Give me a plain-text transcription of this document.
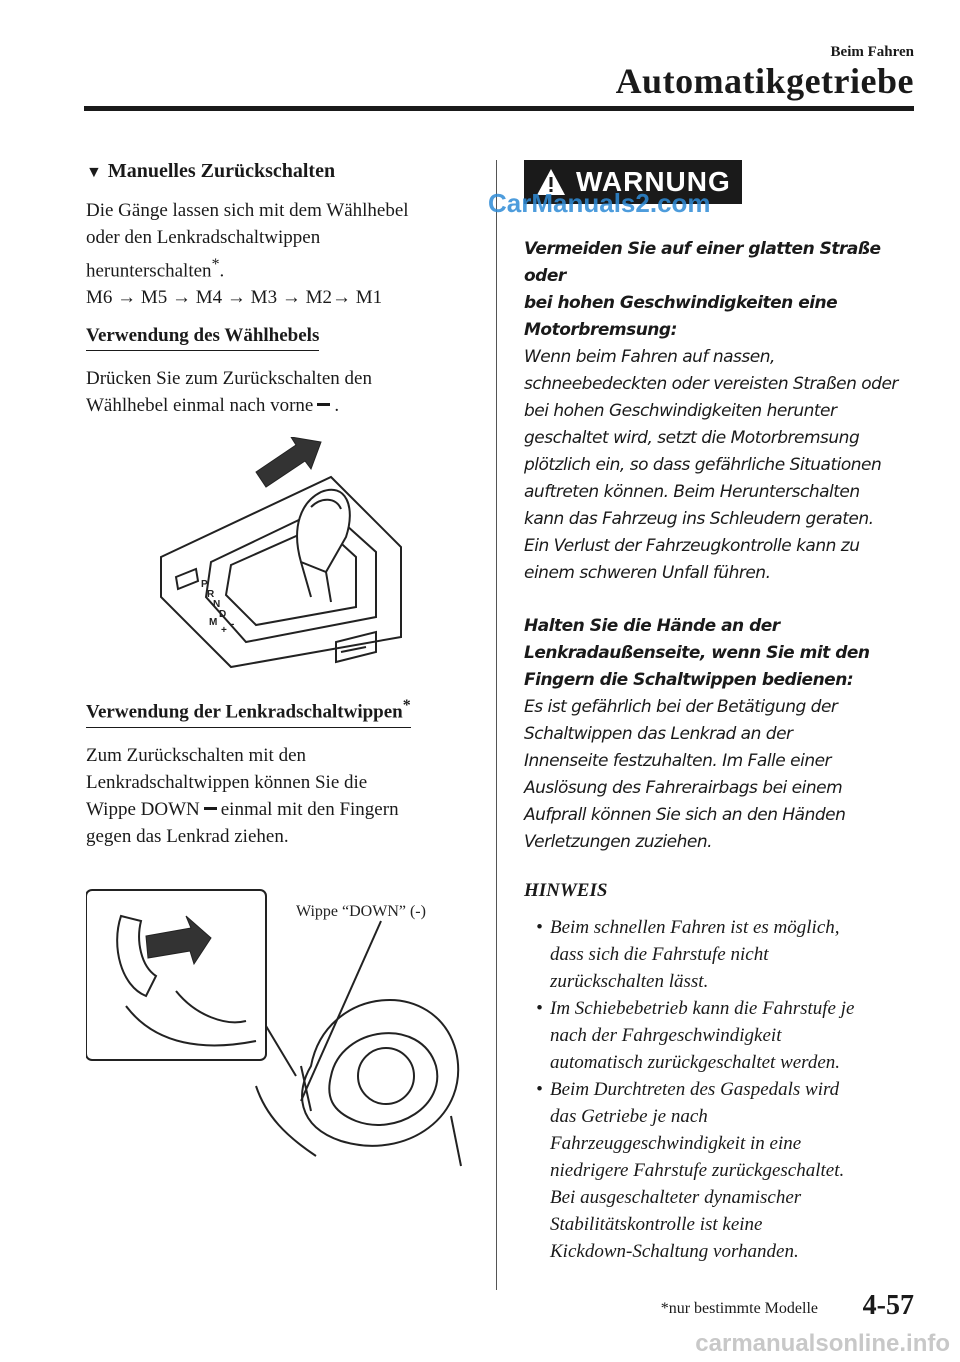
Beim Fahren
Automatikgetriebe
▼ Manuelles Zurückschalten

Die Gänge lassen sich mit dem Wählhebel
oder den Lenkradschaltwippen
herunterschalten*.
M6 → M5 → M4 → M3 → M2→ M1

Verwendung des Wählhebels

Drücken Sie zum Zurückschalten den
Wählhebel einmal nach vorne .

P
R
N
D
M
+
-
Verwendung der Lenkradschaltwippen*

Zum Zurückschalten mit den
Lenkradschaltwippen können Sie die
Wippe DOWN einmal mit den Fingern
gegen das Lenkrad ziehen.

Wippe “DOWN” (-)
WARNUNG

Vermeiden Sie auf einer glatten Straße oder
bei hohen Geschwindigkeiten eine
Motorbremsung:

Wenn beim Fahren auf nassen,
schneebedeckten oder vereisten Straßen oder
bei hohen Geschwindigkeiten herunter
geschaltet wird, setzt die Motorbremsung
plötzlich ein, so dass gefährliche Situationen
auftreten können. Beim Herunterschalten
kann das Fahrzeug ins Schleudern geraten.
Ein Verlust der Fahrzeugkontrolle kann zu
einem schweren Unfall führen.

Halten Sie die Hände an der
Lenkradaußenseite, wenn Sie mit den
Fingern die Schaltwippen bedienen:

Es ist gefährlich bei der Betätigung der
Schaltwippen das Lenkrad an der
Innenseite festzuhalten. Im Falle einer
Auslösung des Fahrerairbags bei einem
Aufprall können Sie sich an den Händen
Verletzungen zuziehen.

HINWEIS
• Beim schnellen Fahren ist es möglich,
dass sich die Fahrstufe nicht
zurückschalten lässt.
• Im Schiebebetrieb kann die Fahrstufe je
nach der Fahrgeschwindigkeit
automatisch zurückgeschaltet werden.
• Beim Durchtreten des Gaspedals wird
das Getriebe je nach
Fahrzeuggeschwindigkeit in eine
niedrigere Fahrstufe zurückgeschaltet.
Bei ausgeschalteter dynamischer
Stabilitätskontrolle ist keine
Kickdown-Schaltung vorhanden.
*nur bestimmte Modelle 4-57
CarManuals2.com
carmanualsonline.info
